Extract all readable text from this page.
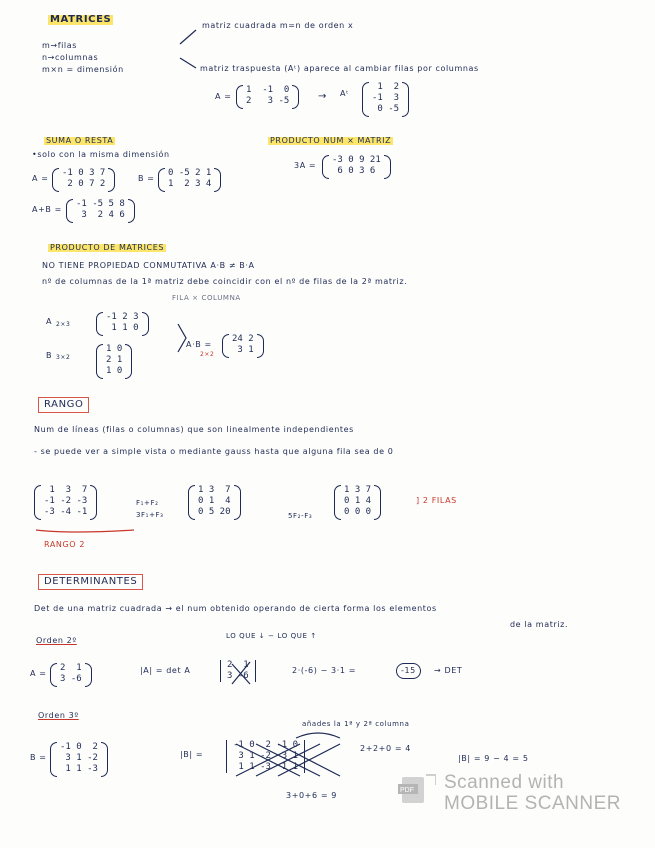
MATRICES
m→filas
n→columnas
m×n = dimensión
matriz cuadrada m=n de orden x
matriz traspuesta (Aᵗ) aparece al cambiar filas por columnas
A =
1  -1  0
2   3 -5	→ Aᵗ
1  2
-1  3
0 -5
SUMA O RESTA
•solo con la misma dimensión
A =
-1 0 3 7
2 0 7 2
B =
0 -5 2 1
1  2 3 4
A+B =
-1 -5 5 8
3  2 4 6
PRODUCTO NUM × MATRIZ
3A =
-3 0 9 21
6 0 3 6
PRODUCTO DE MATRICES
NO TIENE PROPIEDAD CONMUTATIVA A·B ≠ B·A
nº de columnas de la 1ª matriz debe coincidir con el nº de filas de la 2ª matriz.
FILA × COLUMNA
A 2×3
-1 2 3
1 1 0
B 3×2
1 0
2 1
1 0
A·B =
24 2
3 1
2×2
RANGO
Num de líneas (filas o columnas) que son linealmente independientes
- se puede ver a simple vista o mediante gauss hasta que alguna fila sea de 0
1  3  7
-1 -2 -3
-3 -4 -1
F₁+F₂
3F₁+F₃
1 3  7
0 1  4
0 5 20	5F₂-F₃
1 3 7
0 1 4
0 0 0
] 2 FILAS
RANGO 2
DETERMINANTES
Det de una matriz cuadrada → el num obtenido operando de cierta forma los elementos
de la matriz.
Orden 2º	LO QUE ↓ − LO QUE ↑
A =
2  1
3 -6
|A| = det A
2  1
3 -6
2·(-6) − 3·1 =	-15	→ DET
Orden 3º
añades la 1ª y 2ª columna
B =
-1 0  2
3 1 -2
1 1 -3
|B| =
-1 0  2 -1 0
3 1 -2  3 1
1 1 -3  1 1
2+2+0 = 4
|B| = 9 − 4 = 5
3+0+6 = 9
PDF Scanned with
MOBILE SCANNER
